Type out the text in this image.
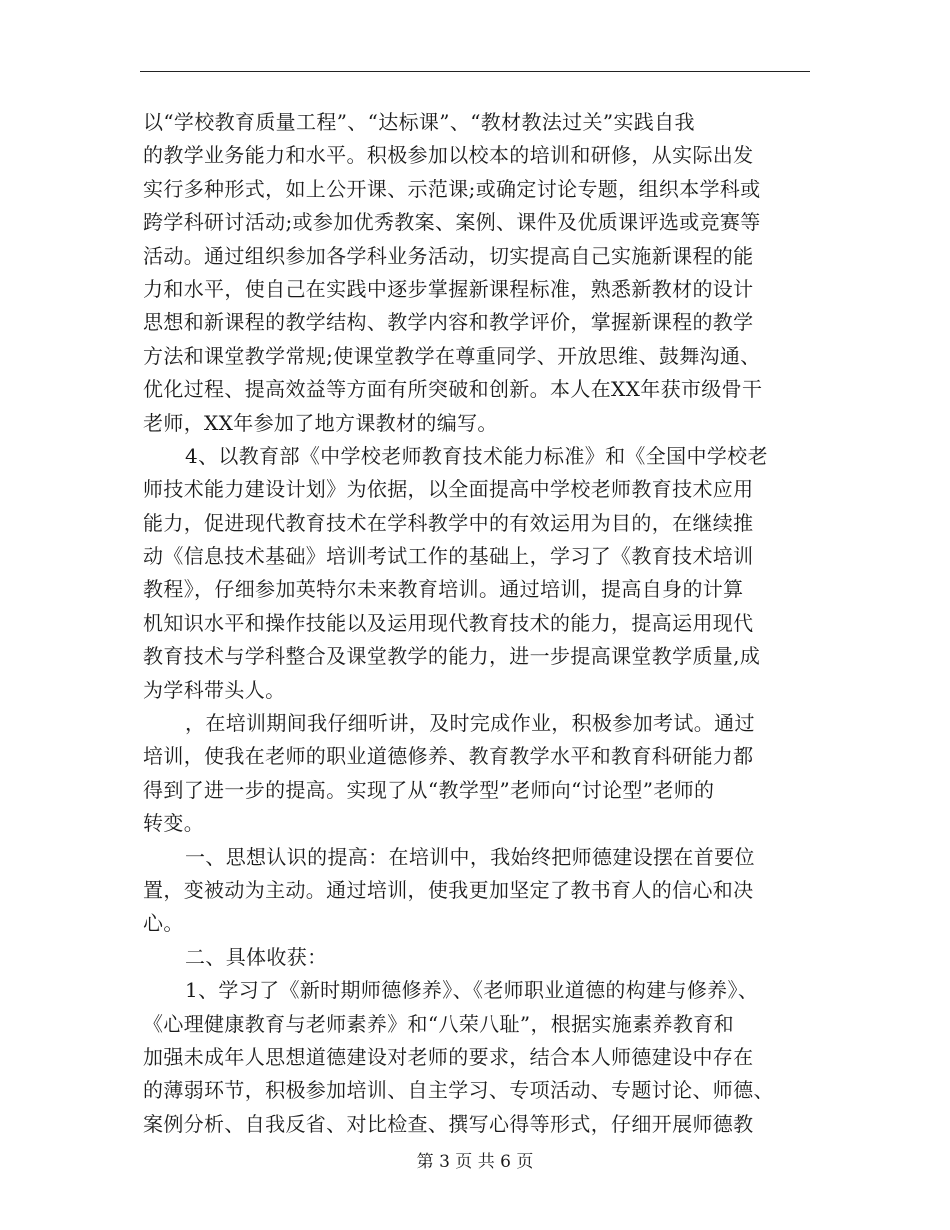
以“学校教育质量工程”、“达标课”、“教材教法过关”实践自我
的教学业务能力和水平。积极参加以校本的培训和研修，从实际出发
实行多种形式，如上公开课、示范课;或确定讨论专题，组织本学科或
跨学科研讨活动;或参加优秀教案、案例、课件及优质课评选或竞赛等
活动。通过组织参加各学科业务活动，切实提高自己实施新课程的能
力和水平，使自己在实践中逐步掌握新课程标准，熟悉新教材的设计
思想和新课程的教学结构、教学内容和教学评价，掌握新课程的教学
方法和课堂教学常规;使课堂教学在尊重同学、开放思维、鼓舞沟通、
优化过程、提高效益等方面有所突破和创新。本人在XX年获市级骨干
老师，XX年参加了地方课教材的编写。
4、以教育部《中学校老师教育技术能力标准》和《全国中学校老
师技术能力建设计划》为依据，以全面提高中学校老师教育技术应用
能力，促进现代教育技术在学科教学中的有效运用为目的，在继续推
动《信息技术基础》培训考试工作的基础上，学习了《教育技术培训
教程》，仔细参加英特尔未来教育培训。通过培训，提高自身的计算
机知识水平和操作技能以及运用现代教育技术的能力，提高运用现代
教育技术与学科整合及课堂教学的能力，进一步提高课堂教学质量,成
为学科带头人。
，在培训期间我仔细听讲，及时完成作业，积极参加考试。通过
培训，使我在老师的职业道德修养、教育教学水平和教育科研能力都
得到了进一步的提高。实现了从“教学型”老师向“讨论型”老师的
转变。
一、思想认识的提高：在培训中，我始终把师德建设摆在首要位
置，变被动为主动。通过培训，使我更加坚定了教书育人的信心和决
心。
二、具体收获：
1、学习了《新时期师德修养》、《老师职业道德的构建与修养》、
《心理健康教育与老师素养》和“八荣八耻”，根据实施素养教育和
加强未成年人思想道德建设对老师的要求，结合本人师德建设中存在
的薄弱环节，积极参加培训、自主学习、专项活动、专题讨论、师德、
案例分析、自我反省、对比检查、撰写心得等形式，仔细开展师德教
第 3 页 共 6 页
